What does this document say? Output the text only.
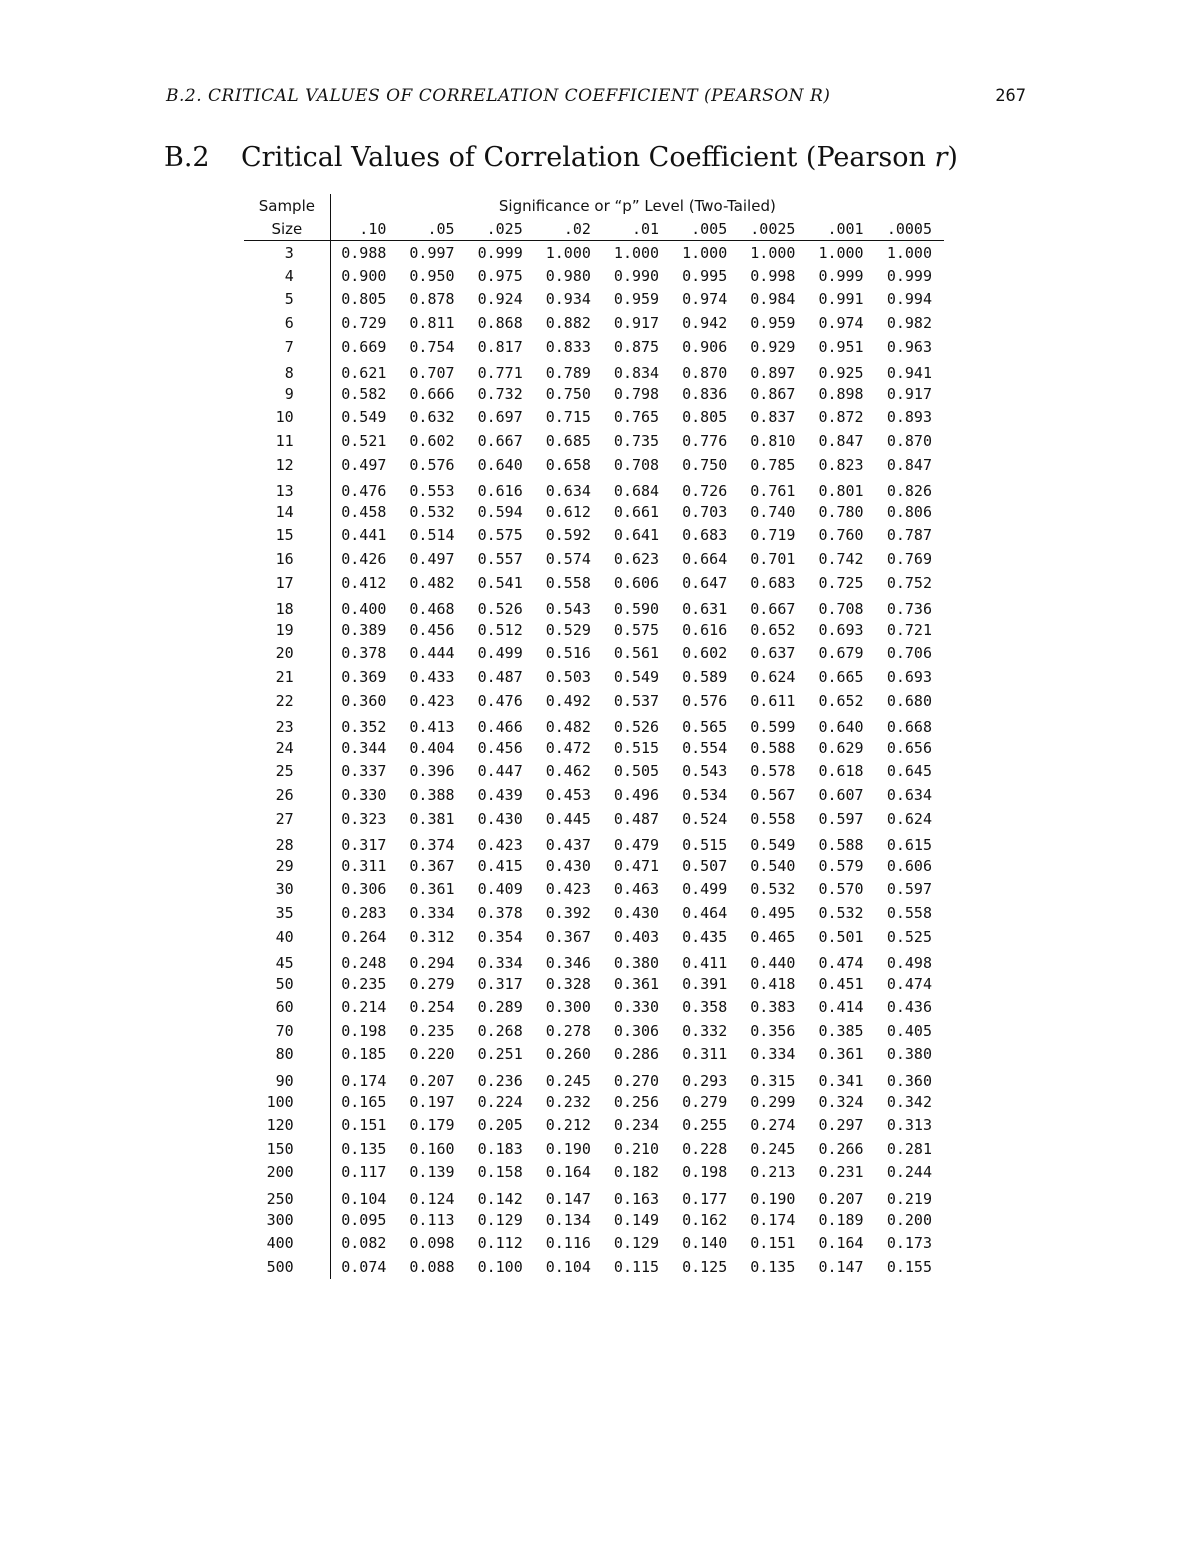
B.2. CRITICAL VALUES OF CORRELATION COEFFICIENT (PEARSON R)	267
B.2 Critical Values of Correlation Coefficient (Pearson r)
Sample	Significance or “p” Level (Two-Tailed)								
Size	.10	.05	.025	.02	.01	.005	.0025	.001	.0005
3	0.988	0.997	0.999	1.000	1.000	1.000	1.000	1.000	1.000
4	0.900	0.950	0.975	0.980	0.990	0.995	0.998	0.999	0.999
5	0.805	0.878	0.924	0.934	0.959	0.974	0.984	0.991	0.994
6	0.729	0.811	0.868	0.882	0.917	0.942	0.959	0.974	0.982
7	0.669	0.754	0.817	0.833	0.875	0.906	0.929	0.951	0.963
8	0.621	0.707	0.771	0.789	0.834	0.870	0.897	0.925	0.941
9	0.582	0.666	0.732	0.750	0.798	0.836	0.867	0.898	0.917
10	0.549	0.632	0.697	0.715	0.765	0.805	0.837	0.872	0.893
11	0.521	0.602	0.667	0.685	0.735	0.776	0.810	0.847	0.870
12	0.497	0.576	0.640	0.658	0.708	0.750	0.785	0.823	0.847
13	0.476	0.553	0.616	0.634	0.684	0.726	0.761	0.801	0.826
14	0.458	0.532	0.594	0.612	0.661	0.703	0.740	0.780	0.806
15	0.441	0.514	0.575	0.592	0.641	0.683	0.719	0.760	0.787
16	0.426	0.497	0.557	0.574	0.623	0.664	0.701	0.742	0.769
17	0.412	0.482	0.541	0.558	0.606	0.647	0.683	0.725	0.752
18	0.400	0.468	0.526	0.543	0.590	0.631	0.667	0.708	0.736
19	0.389	0.456	0.512	0.529	0.575	0.616	0.652	0.693	0.721
20	0.378	0.444	0.499	0.516	0.561	0.602	0.637	0.679	0.706
21	0.369	0.433	0.487	0.503	0.549	0.589	0.624	0.665	0.693
22	0.360	0.423	0.476	0.492	0.537	0.576	0.611	0.652	0.680
23	0.352	0.413	0.466	0.482	0.526	0.565	0.599	0.640	0.668
24	0.344	0.404	0.456	0.472	0.515	0.554	0.588	0.629	0.656
25	0.337	0.396	0.447	0.462	0.505	0.543	0.578	0.618	0.645
26	0.330	0.388	0.439	0.453	0.496	0.534	0.567	0.607	0.634
27	0.323	0.381	0.430	0.445	0.487	0.524	0.558	0.597	0.624
28	0.317	0.374	0.423	0.437	0.479	0.515	0.549	0.588	0.615
29	0.311	0.367	0.415	0.430	0.471	0.507	0.540	0.579	0.606
30	0.306	0.361	0.409	0.423	0.463	0.499	0.532	0.570	0.597
35	0.283	0.334	0.378	0.392	0.430	0.464	0.495	0.532	0.558
40	0.264	0.312	0.354	0.367	0.403	0.435	0.465	0.501	0.525
45	0.248	0.294	0.334	0.346	0.380	0.411	0.440	0.474	0.498
50	0.235	0.279	0.317	0.328	0.361	0.391	0.418	0.451	0.474
60	0.214	0.254	0.289	0.300	0.330	0.358	0.383	0.414	0.436
70	0.198	0.235	0.268	0.278	0.306	0.332	0.356	0.385	0.405
80	0.185	0.220	0.251	0.260	0.286	0.311	0.334	0.361	0.380
90	0.174	0.207	0.236	0.245	0.270	0.293	0.315	0.341	0.360
100	0.165	0.197	0.224	0.232	0.256	0.279	0.299	0.324	0.342
120	0.151	0.179	0.205	0.212	0.234	0.255	0.274	0.297	0.313
150	0.135	0.160	0.183	0.190	0.210	0.228	0.245	0.266	0.281
200	0.117	0.139	0.158	0.164	0.182	0.198	0.213	0.231	0.244
250	0.104	0.124	0.142	0.147	0.163	0.177	0.190	0.207	0.219
300	0.095	0.113	0.129	0.134	0.149	0.162	0.174	0.189	0.200
400	0.082	0.098	0.112	0.116	0.129	0.140	0.151	0.164	0.173
500	0.074	0.088	0.100	0.104	0.115	0.125	0.135	0.147	0.155
